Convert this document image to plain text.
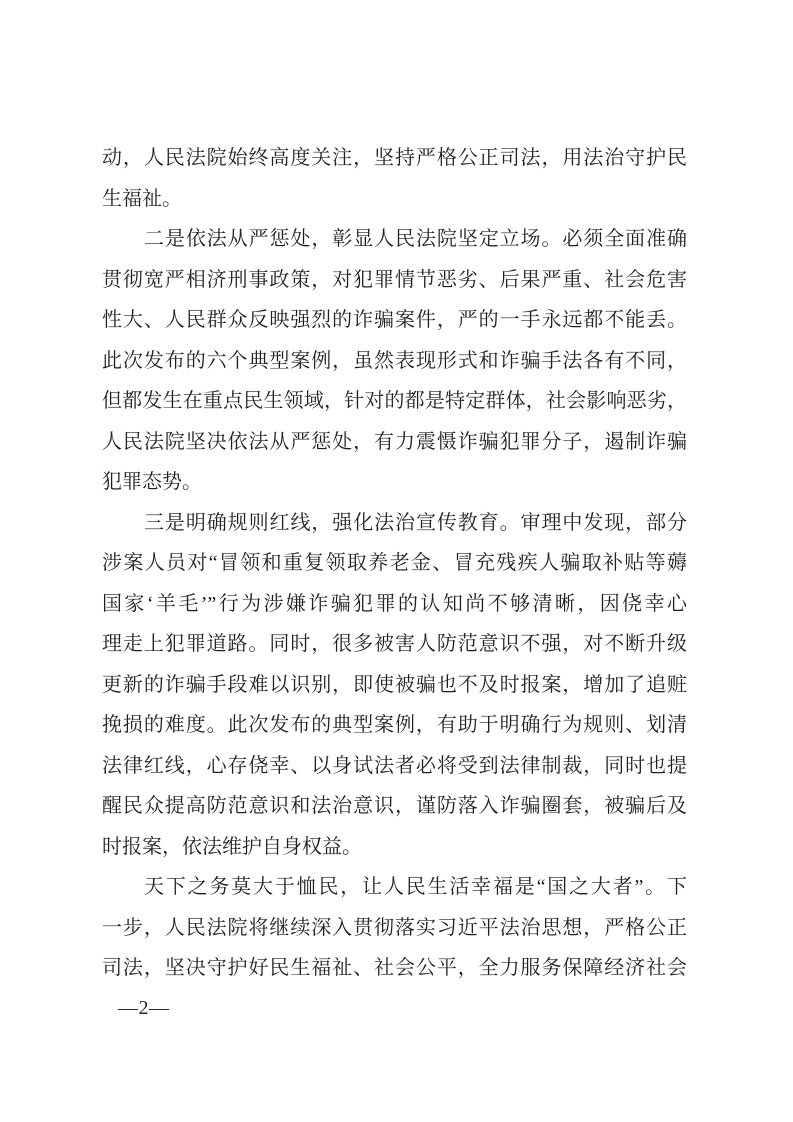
动，人民法院始终高度关注，坚持严格公正司法，用法治守护民
生福祉。
二是依法从严惩处，彰显人民法院坚定立场。必须全面准确
贯彻宽严相济刑事政策，对犯罪情节恶劣、后果严重、社会危害
性大、人民群众反映强烈的诈骗案件，严的一手永远都不能丢。
此次发布的六个典型案例，虽然表现形式和诈骗手法各有不同，
但都发生在重点民生领域，针对的都是特定群体，社会影响恶劣，
人民法院坚决依法从严惩处，有力震慑诈骗犯罪分子，遏制诈骗
犯罪态势。
三是明确规则红线，强化法治宣传教育。审理中发现，部分
涉案人员对“冒领和重复领取养老金、冒充残疾人骗取补贴等薅
国家‘羊毛’”行为涉嫌诈骗犯罪的认知尚不够清晰，因侥幸心
理走上犯罪道路。同时，很多被害人防范意识不强，对不断升级
更新的诈骗手段难以识别，即使被骗也不及时报案，增加了追赃
挽损的难度。此次发布的典型案例，有助于明确行为规则、划清
法律红线，心存侥幸、以身试法者必将受到法律制裁，同时也提
醒民众提高防范意识和法治意识，谨防落入诈骗圈套，被骗后及
时报案，依法维护自身权益。
天下之务莫大于恤民，让人民生活幸福是“国之大者”。下
一步，人民法院将继续深入贯彻落实习近平法治思想，严格公正
司法，坚决守护好民生福祉、社会公平，全力服务保障经济社会
—2—
